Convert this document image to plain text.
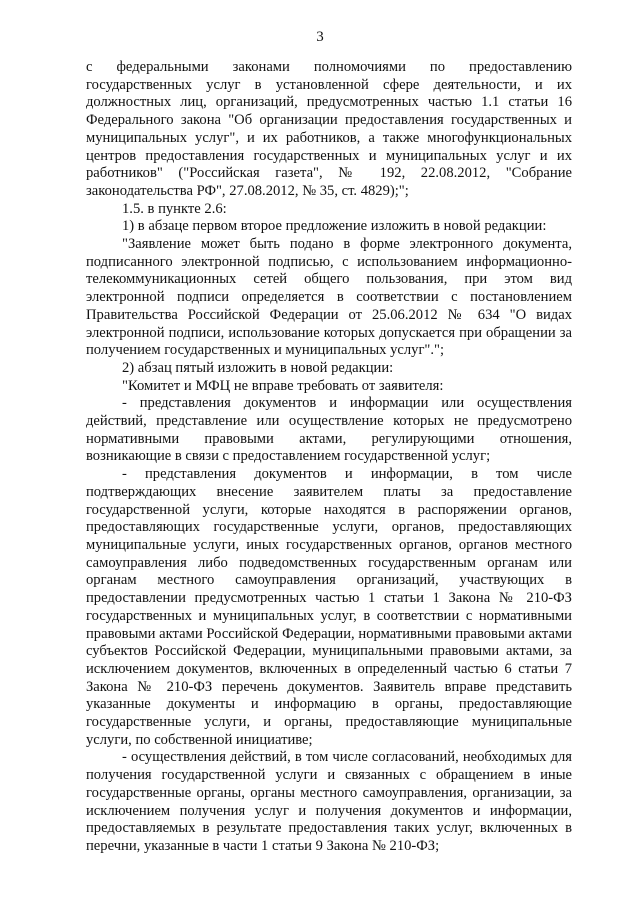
3

с федеральными законами полномочиями по предоставлению государственных услуг в установленной сфере деятельности, и их должностных лиц, организаций, предусмотренных частью 1.1 статьи 16 Федерального закона "Об организации предоставления государственных и муниципальных услуг", и их работников, а также многофункциональных центров предоставления государственных и муниципальных услуг и их работников" ("Российская газета", № 192, 22.08.2012, "Собрание законодательства РФ", 27.08.2012, № 35, ст. 4829);";

1.5. в пункте 2.6:

1) в абзаце первом второе предложение изложить в новой редакции:

"Заявление может быть подано в форме электронного документа, подписанного электронной подписью, с использованием информационно-телекоммуникационных сетей общего пользования, при этом вид электронной подписи определяется в соответствии с постановлением Правительства Российской Федерации от 25.06.2012 № 634 "О видах электронной подписи, использование которых допускается при обращении за получением государственных и муниципальных услуг".";

2) абзац пятый изложить в новой редакции:

"Комитет и МФЦ не вправе требовать от заявителя:

- представления документов и информации или осуществления действий, представление или осуществление которых не предусмотрено нормативными правовыми актами, регулирующими отношения, возникающие в связи с предоставлением государственной услуг;

- представления документов и информации, в том числе подтверждающих внесение заявителем платы за предоставление государственной услуги, которые находятся в распоряжении органов, предоставляющих государственные услуги, органов, предоставляющих муниципальные услуги, иных государственных органов, органов местного самоуправления либо подведомственных государственным органам или органам местного самоуправления организаций, участвующих в предоставлении предусмотренных частью 1 статьи 1 Закона № 210-ФЗ государственных и муниципальных услуг, в соответствии с нормативными правовыми актами Российской Федерации, нормативными правовыми актами субъектов Российской Федерации, муниципальными правовыми актами, за исключением документов, включенных в определенный частью 6 статьи 7 Закона № 210-ФЗ перечень документов. Заявитель вправе представить указанные документы и информацию в органы, предоставляющие государственные услуги, и органы, предоставляющие муниципальные услуги, по собственной инициативе;

- осуществления действий, в том числе согласований, необходимых для получения государственной услуги и связанных с обращением в иные государственные органы, органы местного самоуправления, организации, за исключением получения услуг и получения документов и информации, предоставляемых в результате предоставления таких услуг, включенных в перечни, указанные в части 1 статьи 9 Закона № 210-ФЗ;
